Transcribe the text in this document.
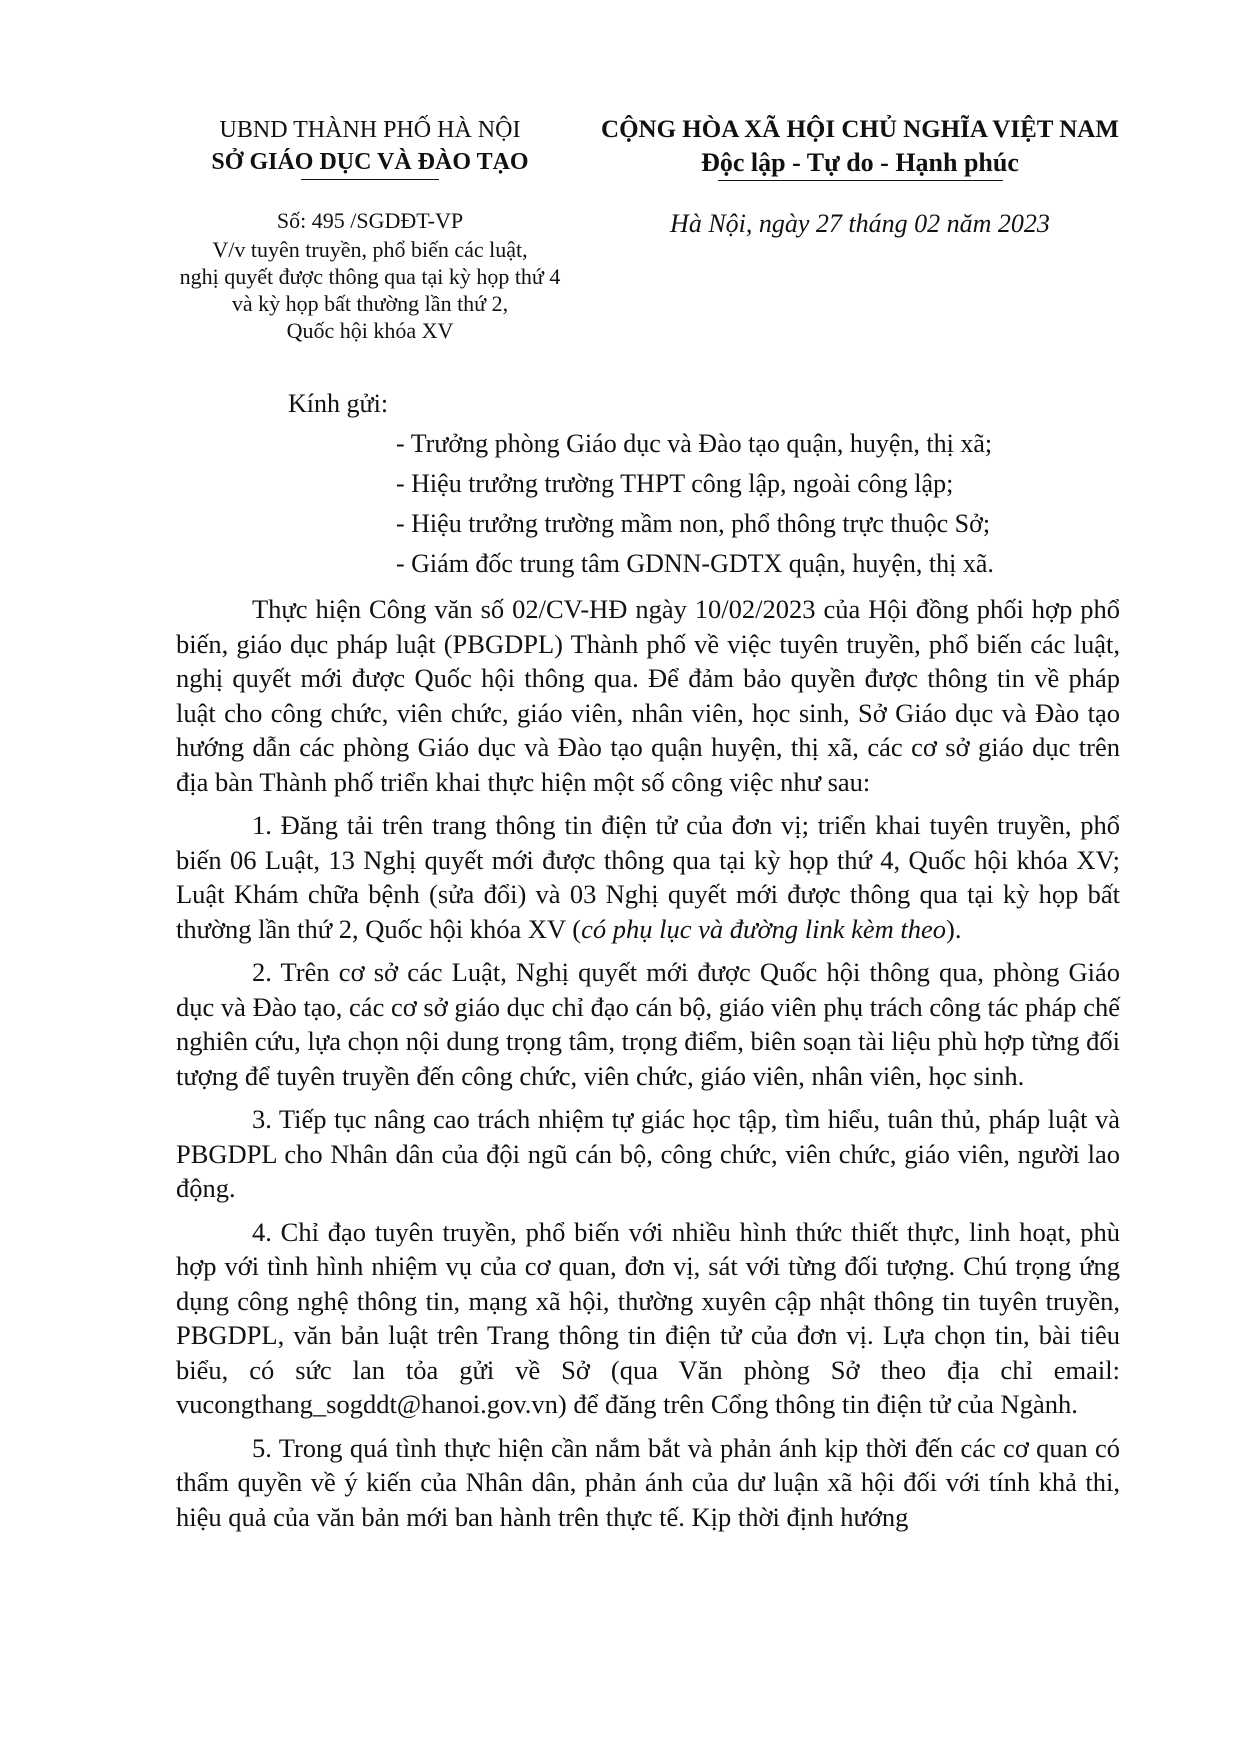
UBND THÀNH PHỐ HÀ NỘI
SỞ GIÁO DỤC VÀ ĐÀO TẠO
CỘNG HÒA XÃ HỘI CHỦ NGHĨA VIỆT NAM
Độc lập - Tự do - Hạnh phúc
Số: 495 /SGDĐT-VP
V/v tuyên truyền, phổ biến các luật,
nghị quyết được thông qua tại kỳ họp thứ 4
và kỳ họp bất thường lần thứ 2,
Quốc hội khóa XV
Hà Nội, ngày 27 tháng 02 năm 2023
Kính gửi:
- Trưởng phòng Giáo dục và Đào tạo quận, huyện, thị xã;
- Hiệu trưởng trường THPT công lập, ngoài công lập;
- Hiệu trưởng trường mầm non, phổ thông trực thuộc Sở;
- Giám đốc trung tâm GDNN-GDTX quận, huyện, thị xã.

Thực hiện Công văn số 02/CV-HĐ ngày 10/02/2023 của Hội đồng phối hợp phổ biến, giáo dục pháp luật (PBGDPL) Thành phố về việc tuyên truyền, phổ biến các luật, nghị quyết mới được Quốc hội thông qua. Để đảm bảo quyền được thông tin về pháp luật cho công chức, viên chức, giáo viên, nhân viên, học sinh, Sở Giáo dục và Đào tạo hướng dẫn các phòng Giáo dục và Đào tạo quận huyện, thị xã, các cơ sở giáo dục trên địa bàn Thành phố triển khai thực hiện một số công việc như sau:

1. Đăng tải trên trang thông tin điện tử của đơn vị; triển khai tuyên truyền, phổ biến 06 Luật, 13 Nghị quyết mới được thông qua tại kỳ họp thứ 4, Quốc hội khóa XV; Luật Khám chữa bệnh (sửa đổi) và 03 Nghị quyết mới được thông qua tại kỳ họp bất thường lần thứ 2, Quốc hội khóa XV (có phụ lục và đường link kèm theo).

2. Trên cơ sở các Luật, Nghị quyết mới được Quốc hội thông qua, phòng Giáo dục và Đào tạo, các cơ sở giáo dục chỉ đạo cán bộ, giáo viên phụ trách công tác pháp chế nghiên cứu, lựa chọn nội dung trọng tâm, trọng điểm, biên soạn tài liệu phù hợp từng đối tượng để tuyên truyền đến công chức, viên chức, giáo viên, nhân viên, học sinh.

3. Tiếp tục nâng cao trách nhiệm tự giác học tập, tìm hiểu, tuân thủ, pháp luật và PBGDPL cho Nhân dân của đội ngũ cán bộ, công chức, viên chức, giáo viên, người lao động.

4. Chỉ đạo tuyên truyền, phổ biến với nhiều hình thức thiết thực, linh hoạt, phù hợp với tình hình nhiệm vụ của cơ quan, đơn vị, sát với từng đối tượng. Chú trọng ứng dụng công nghệ thông tin, mạng xã hội, thường xuyên cập nhật thông tin tuyên truyền, PBGDPL, văn bản luật trên Trang thông tin điện tử của đơn vị. Lựa chọn tin, bài tiêu biểu, có sức lan tỏa gửi về Sở (qua Văn phòng Sở theo địa chỉ email: vucongthang_sogddt@hanoi.gov.vn) để đăng trên Cổng thông tin điện tử của Ngành.

5. Trong quá tình thực hiện cần nắm bắt và phản ánh kịp thời đến các cơ quan có thẩm quyền về ý kiến của Nhân dân, phản ánh của dư luận xã hội đối với tính khả thi, hiệu quả của văn bản mới ban hành trên thực tế. Kịp thời định hướng
